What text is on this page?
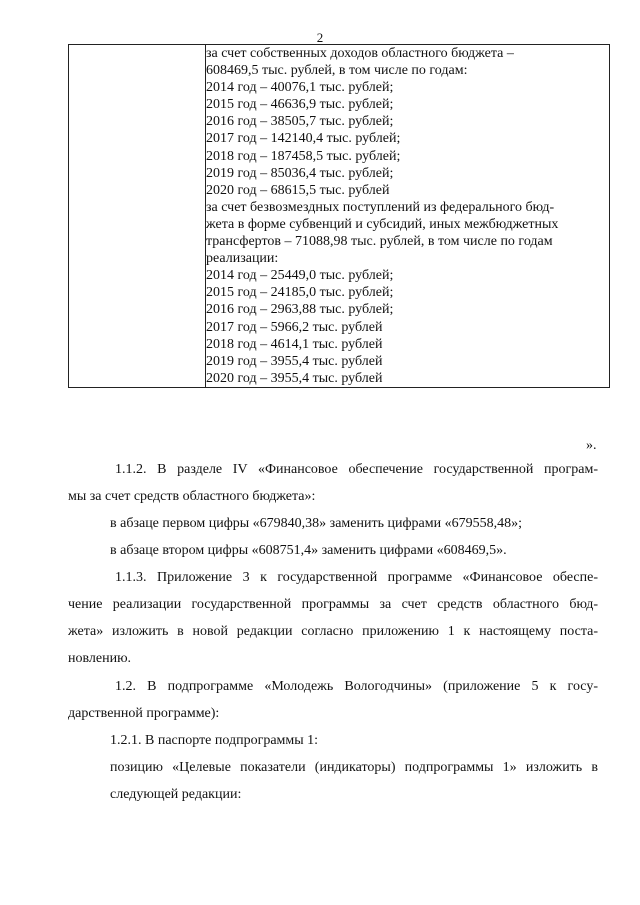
2

за счет собственных доходов областного бюджета –
608469,5 тыс. рублей, в том числе по годам:
2014 год – 40076,1 тыс. рублей;
2015 год – 46636,9 тыс. рублей;
2016 год – 38505,7 тыс. рублей;
2017 год – 142140,4 тыс. рублей;
2018 год – 187458,5 тыс. рублей;
2019 год – 85036,4 тыс. рублей;
2020 год – 68615,5 тыс. рублей
за счет безвозмездных поступлений из федерального бюд-
жета в форме субвенций и субсидий, иных межбюджетных
трансфертов – 71088,98 тыс. рублей, в том числе по годам
реализации:
2014 год – 25449,0 тыс. рублей;
2015 год – 24185,0 тыс. рублей;
2016 год – 2963,88 тыс. рублей;
2017 год – 5966,2 тыс. рублей
2018 год – 4614,1 тыс. рублей
2019 год – 3955,4 тыс. рублей
2020 год – 3955,4 тыс. рублей
».
1.1.2. В разделе IV «Финансовое обеспечение государственной програм-
мы за счет средств областного бюджета»:
в абзаце первом цифры «679840,38» заменить цифрами «679558,48»;
в абзаце втором цифры «608751,4» заменить цифрами «608469,5».
1.1.3. Приложение 3 к государственной программе «Финансовое обеспе-
чение реализации государственной программы за счет средств областного бюд-
жета» изложить в новой редакции согласно приложению 1 к настоящему поста-
новлению.
1.2. В подпрограмме «Молодежь Вологодчины» (приложение 5 к госу-
дарственной программе):
1.2.1. В паспорте подпрограммы 1:
позицию «Целевые показатели (индикаторы) подпрограммы 1» изложить в
следующей редакции:
